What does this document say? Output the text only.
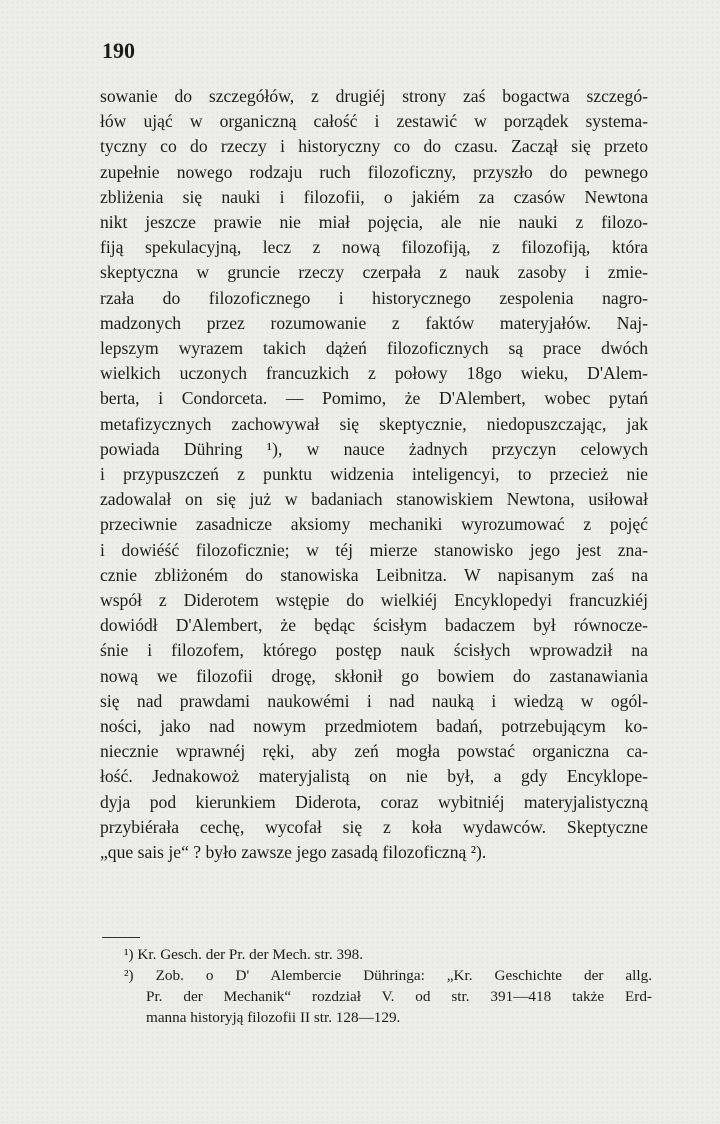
190
sowanie do szczegółów, z drugiéj strony zaś bogactwa szczegó-
łów ująć w organiczną całość i zestawić w porządek systema-
tyczny co do rzeczy i historyczny co do czasu. Zaczął się przeto
zupełnie nowego rodzaju ruch filozoficzny, przyszło do pewnego
zbliżenia się nauki i filozofii, o jakiém za czasów Newtona
nikt jeszcze prawie nie miał pojęcia, ale nie nauki z filozo-
fiją spekulacyjną, lecz z nową filozofiją, z filozofiją, która
skeptyczna w gruncie rzeczy czerpała z nauk zasoby i zmie-
rzała do filozoficznego i historycznego zespolenia nagro-
madzonych przez rozumowanie z faktów materyjałów. Naj-
lepszym wyrazem takich dążeń filozoficznych są prace dwóch
wielkich uczonych francuzkich z połowy 18go wieku, D'Alem-
berta, i Condorceta. — Pomimo, że D'Alembert, wobec pytań
metafizycznych zachowywał się skeptycznie, niedopuszczając, jak
powiada Dühring ¹), w nauce żadnych przyczyn celowych
i przypuszczeń z punktu widzenia inteligencyi, to przecież nie
zadowalał on się już w badaniach stanowiskiem Newtona, usiłował
przeciwnie zasadnicze aksiomy mechaniki wyrozumować z pojęć
i dowiéść filozoficznie; w téj mierze stanowisko jego jest zna-
cznie zbliżoném do stanowiska Leibnitza. W napisanym zaś na
współ z Diderotem wstępie do wielkiéj Encyklopedyi francuzkiéj
dowiódł D'Alembert, że będąc ścisłym badaczem był równocze-
śnie i filozofem, którego postęp nauk ścisłych wprowadził na
nową we filozofii drogę, skłonił go bowiem do zastanawiania
się nad prawdami naukowémi i nad nauką i wiedzą w ogól-
ności, jako nad nowym przedmiotem badań, potrzebującym ko-
niecznie wprawnéj ręki, aby zeń mogła powstać organiczna ca-
łość. Jednakowoż materyjalistą on nie był, a gdy Encyklope-
dyja pod kierunkiem Diderota, coraz wybitniéj materyjalistyczną
przybiérała cechę, wycofał się z koła wydawców. Skeptyczne
„que sais je“ ? było zawsze jego zasadą filozoficzną ²).
¹) Kr. Gesch. der Pr. der Mech. str. 398.
²) Zob. o D' Alembercie Dühringa: „Kr. Geschichte der allg.
Pr. der Mechanik“ rozdział V. od str. 391—418 także Erd-
manna historyją filozofii II str. 128—129.
